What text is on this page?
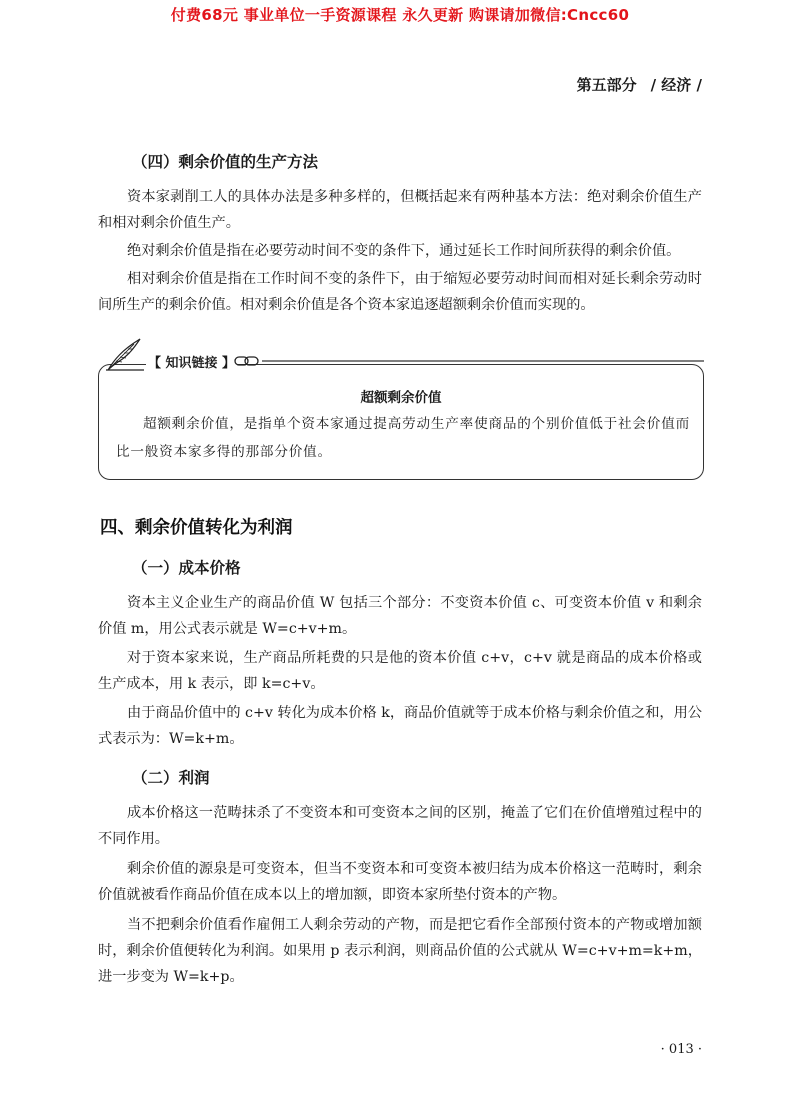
付费68元 事业单位一手资源课程 永久更新 购课请加微信:Cncc60
第五部分 / 经济 /
（四）剩余价值的生产方法

资本家剥削工人的具体办法是多种多样的，但概括起来有两种基本方法：绝对剩余价值生产和相对剩余价值生产。

绝对剩余价值是指在必要劳动时间不变的条件下，通过延长工作时间所获得的剩余价值。

相对剩余价值是指在工作时间不变的条件下，由于缩短必要劳动时间而相对延长剩余劳动时间所生产的剩余价值。相对剩余价值是各个资本家追逐超额剩余价值而实现的。

【 知识链接 】
超额剩余价值

超额剩余价值，是指单个资本家通过提高劳动生产率使商品的个别价值低于社会价值而比一般资本家多得的那部分价值。

四、剩余价值转化为利润
（一）成本价格

资本主义企业生产的商品价值 W 包括三个部分：不变资本价值 c、可变资本价值 v 和剩余价值 m，用公式表示就是 W=c+v+m。

对于资本家来说，生产商品所耗费的只是他的资本价值 c+v，c+v 就是商品的成本价格或生产成本，用 k 表示，即 k=c+v。

由于商品价值中的 c+v 转化为成本价格 k，商品价值就等于成本价格与剩余价值之和，用公式表示为：W=k+m。

（二）利润

成本价格这一范畴抹杀了不变资本和可变资本之间的区别，掩盖了它们在价值增殖过程中的不同作用。

剩余价值的源泉是可变资本，但当不变资本和可变资本被归结为成本价格这一范畴时，剩余价值就被看作商品价值在成本以上的增加额，即资本家所垫付资本的产物。

当不把剩余价值看作雇佣工人剩余劳动的产物，而是把它看作全部预付资本的产物或增加额时，剩余价值便转化为利润。如果用 p 表示利润，则商品价值的公式就从 W=c+v+m=k+m，进一步变为 W=k+p。

· 013 ·
